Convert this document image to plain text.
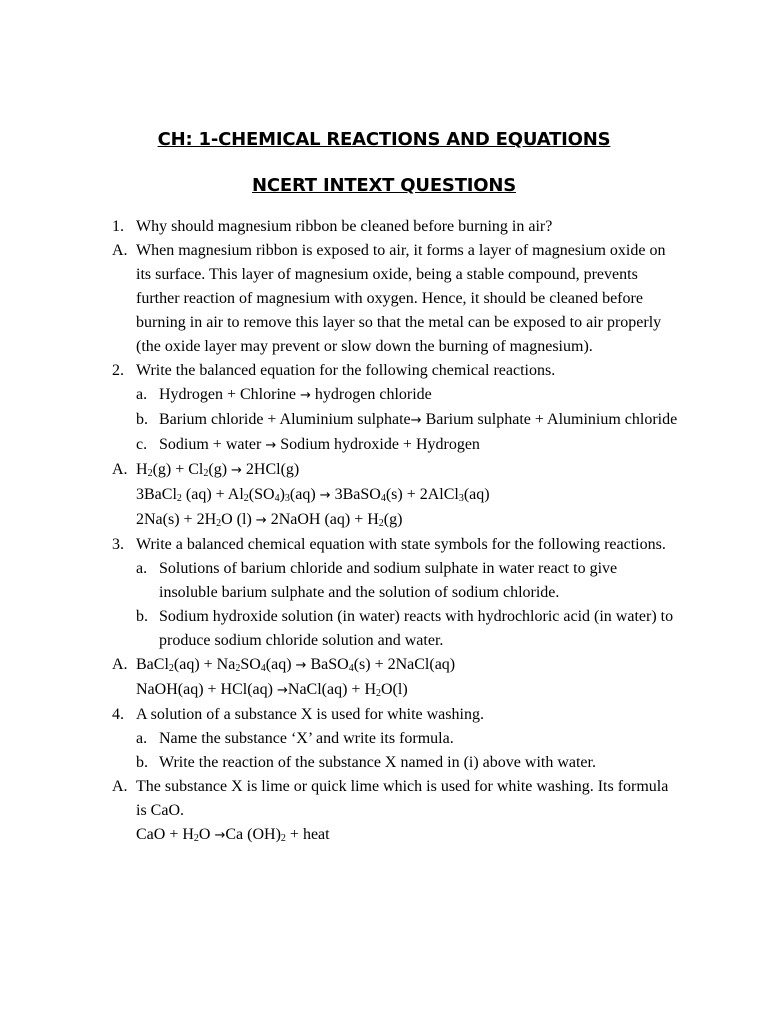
CH: 1-CHEMICAL REACTIONS AND EQUATIONS
NCERT INTEXT QUESTIONS
1. Why should magnesium ribbon be cleaned before burning in air?
A. When magnesium ribbon is exposed to air, it forms a layer of magnesium oxide on its surface. This layer of magnesium oxide, being a stable compound, prevents further reaction of magnesium with oxygen. Hence, it should be cleaned before burning in air to remove this layer so that the metal can be exposed to air properly (the oxide layer may prevent or slow down the burning of magnesium).
2. Write the balanced equation for the following chemical reactions.
a. Hydrogen + Chlorine → hydrogen chloride
b. Barium chloride + Aluminium sulphate→ Barium sulphate + Aluminium chloride
c. Sodium + water → Sodium hydroxide + Hydrogen
A. $H_2(g) + Cl_2(g) \to 2HCl(g)$
3BaCl$_2$ $(aq) + Al_2(SO_4)_3(aq)$ → 3BaSO$_4$(s) + 2AlCl$_3$(aq)
$2Na(s) + 2H_2O$ (l) → 2NaOH $(aq) + H_2(g)$
3. Write a balanced chemical equation with state symbols for the following reactions.
a. Solutions of barium chloride and sodium sulphate in water react to give insoluble barium sulphate and the solution of sodium chloride.
b. Sodium hydroxide solution (in water) reacts with hydrochloric acid (in water) to produce sodium chloride solution and water.
A. BaCl$_2$(aq) + $Na_2SO_4(aq)$ → BaSO$_4$(s) + 2NaCl(aq)
NaOH(aq) + HCl(aq) →NaCl(aq) + $H_2O(l)$
4. A solution of a substance X is used for white washing.
a. Name the substance ‘X’ and write its formula.
b. Write the reaction of the substance X named in (i) above with water.
A. The substance X is lime or quick lime which is used for white washing. Its formula is CaO.
CaO + $H_2O \to Ca$ $(OH)_2$ + heat
